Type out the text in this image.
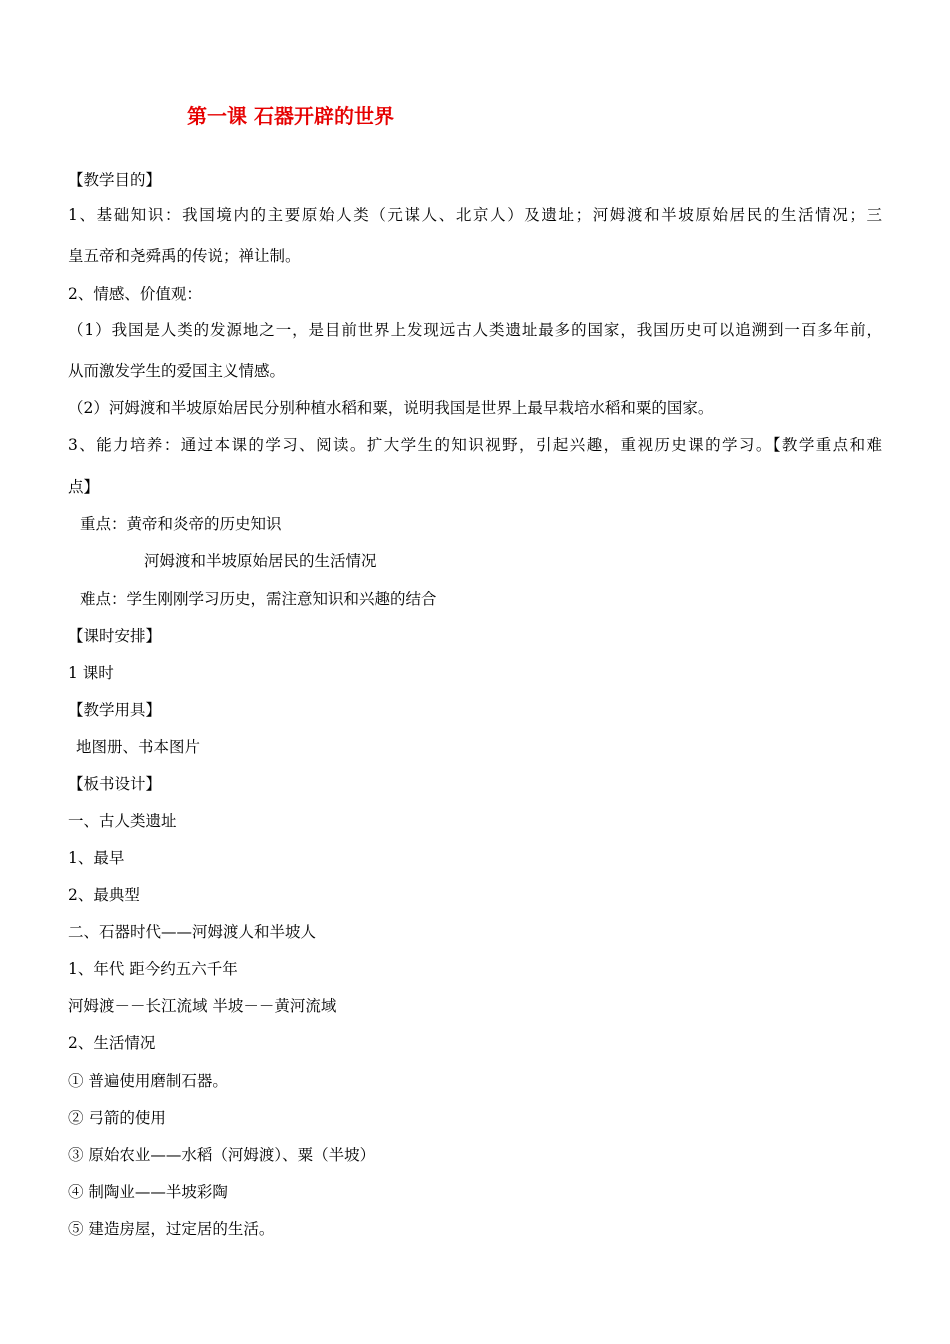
第一课 石器开辟的世界
【教学目的】
1、基础知识：我国境内的主要原始人类（元谋人、北京人）及遗址；河姆渡和半坡原始居民的生活情况；三
皇五帝和尧舜禹的传说；禅让制。
2、情感、价值观：
（1）我国是人类的发源地之一，是目前世界上发现远古人类遗址最多的国家，我国历史可以追溯到一百多年前，
从而激发学生的爱国主义情感。
（2）河姆渡和半坡原始居民分别种植水稻和粟，说明我国是世界上最早栽培水稻和粟的国家。
3、能力培养：通过本课的学习、阅读。扩大学生的知识视野，引起兴趣，重视历史课的学习。【教学重点和难
点】
重点：黄帝和炎帝的历史知识
河姆渡和半坡原始居民的生活情况
难点：学生刚刚学习历史，需注意知识和兴趣的结合
【课时安排】
1 课时
【教学用具】
地图册、书本图片
【板书设计】
一、古人类遗址
1、最早
2、最典型
二、石器时代——河姆渡人和半坡人
1、年代 距今约五六千年
河姆渡－－长江流域 半坡－－黄河流域
2、生活情况
① 普遍使用磨制石器。
② 弓箭的使用
③ 原始农业——水稻（河姆渡）、粟（半坡）
④ 制陶业——半坡彩陶
⑤ 建造房屋，过定居的生活。
